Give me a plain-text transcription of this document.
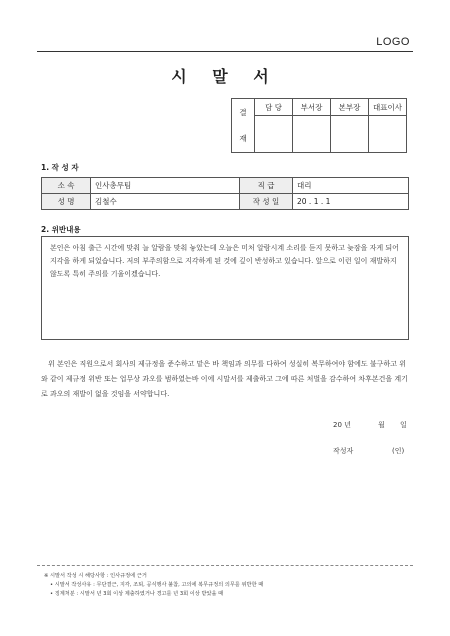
LOGO
시 말 서
결
재	담 당	부서장	본부장	대표이사

1. 작 성 자
소 속	인사총무팀	직 급	대리
성 명	김철수	작 성 일	20 . 1 . 1
2. 위반내용
본인은 아침 출근 시간에 맞춰 늘 알람을 맞춰 놓았는데 오늘은 미처 알람시계 소리를 듣지 못하고 늦잠을 자게 되어 지각을 하게 되었습니다. 저의 부주의함으로 지각하게 된 것에 깊이 반성하고 있습니다. 앞으로 이런 일이 재발하지 않도록 특히 주의를 기울이겠습니다.
위 본인은 직원으로서 회사의 제규정을 준수하고 맡은 바 책임과 의무를 다하여 성실히 복무하여야 함에도 불구하고 위와 같이 제규정 위반 또는 업무상 과오를 범하였는바 이에 시말서를 제출하고 그에 따른 처벌을 감수하여 차후본건을 계기로 과오의 재발이 없을 것임을 서약합니다.
20 년	월 일
작성자	(인)
※ 시말서 작성 시 해당사항 : 인사규정에 근거
• 시말서 작성사유 : 무단결근, 지각, 조퇴, 공식행사 불참, 고의에 복무규정의 의무를 위반한 때
• 징계처분 : 시말서 년 3회 이상 제출하였거나 경고를 년 3회 이상 받았을 때
